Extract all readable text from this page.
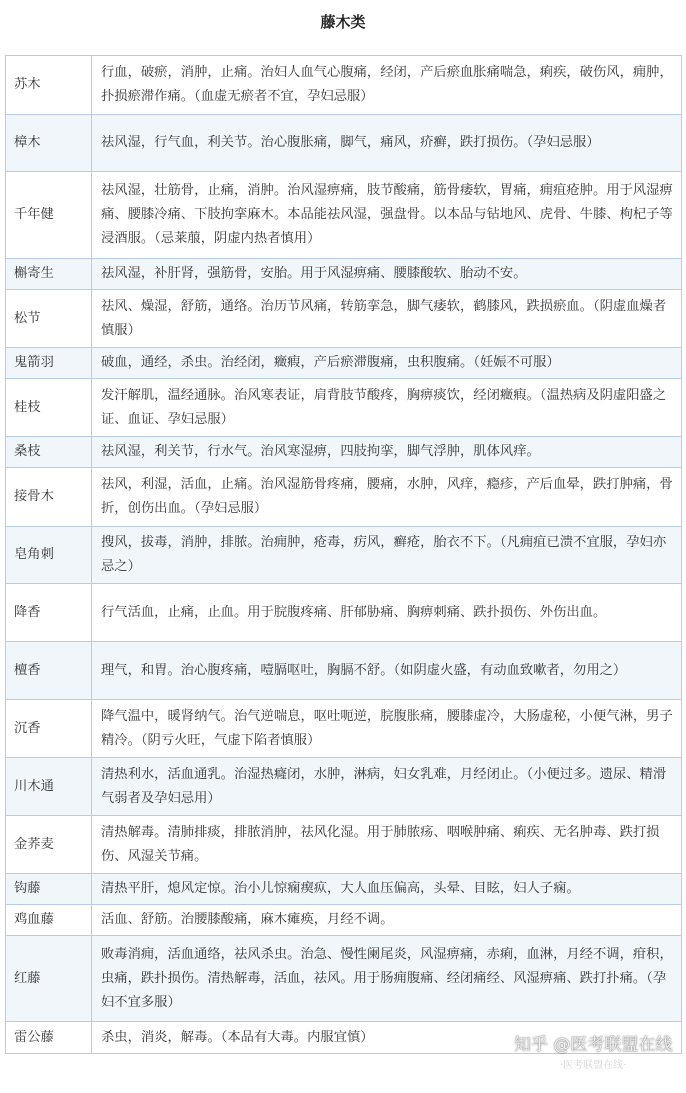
藤木类
苏木	行血，破瘀，消肿，止痛。治妇人血气心腹痛，经闭，产后瘀血胀痛喘急，痢疾，破伤风，痈肿，扑损瘀滞作痛。（血虚无瘀者不宜，孕妇忌服）
樟木	祛风湿，行气血，利关节。治心腹胀痛，脚气，痛风，疥癣，跌打损伤。（孕妇忌服）
千年健	祛风湿，壮筋骨，止痛，消肿。治风湿痹痛，肢节酸痛，筋骨痿软，胃痛，痈疽疮肿。用于风湿痹痛、腰膝冷痛、下肢拘挛麻木。本品能祛风湿，强盘骨。以本品与钻地风、虎骨、牛膝、枸杞子等浸酒服。（忌莱菔，阴虚内热者慎用）
槲寄生	祛风湿，补肝肾，强筋骨，安胎。用于风湿痹痛、腰膝酸软、胎动不安。
松节	祛风、燥湿，舒筋，通络。治历节风痛，转筋挛急，脚气痿软，鹤膝风，跌损瘀血。（阴虚血燥者慎服）
鬼箭羽	破血，通经，杀虫。治经闭，癥瘕，产后瘀滞腹痛，虫积腹痛。（妊娠不可服）
桂枝	发汗解肌，温经通脉。治风寒表证，肩背肢节酸疼，胸痹痰饮，经闭癥瘕。（温热病及阴虚阳盛之证、血证、孕妇忌服）
桑枝	祛风湿，利关节，行水气。治风寒湿痹，四肢拘挛，脚气浮肿，肌体风痒。
接骨木	祛风，利湿，活血，止痛。治风湿筋骨疼痛，腰痛，水肿，风痒，瘾疹，产后血晕，跌打肿痛，骨折，创伤出血。（孕妇忌服）
皂角刺	搜风，拔毒，消肿，排脓。治痈肿，疮毒，疠风，癣疮，胎衣不下。（凡痈疽已溃不宜服，孕妇亦忌之）
降香	行气活血，止痛，止血。用于脘腹疼痛、肝郁胁痛、胸痹刺痛、跌扑损伤、外伤出血。
檀香	理气，和胃。治心腹疼痛，噎膈呕吐，胸膈不舒。（如阴虚火盛，有动血致嗽者，勿用之）
沉香	降气温中，暖肾纳气。治气逆喘息，呕吐呃逆，脘腹胀痛，腰膝虚冷，大肠虚秘，小便气淋，男子精冷。（阴亏火旺，气虚下陷者慎服）
川木通	清热利水，活血通乳。治湿热癃闭，水肿，淋病，妇女乳难，月经闭止。（小便过多。遗尿、精滑气弱者及孕妇忌用）
金荞麦	清热解毒。清肺排痰，排脓消肿，祛风化湿。用于肺脓疡、咽喉肿痛、痢疾、无名肿毒、跌打损伤、风湿关节痛。
钩藤	清热平肝，熄风定惊。治小儿惊痫瘈疭，大人血压偏高，头晕、目眩，妇人子痫。
鸡血藤	活血、舒筋。治腰膝酸痛，麻木瘫痪，月经不调。
红藤	败毒消痈，活血通络，祛风杀虫。治急、慢性阑尾炎，风湿痹痛，赤痢，血淋，月经不调，疳积，虫痛，跌扑损伤。清热解毒，活血，祛风。用于肠痈腹痛、经闭痛经、风湿痹痛、跌打扑痛。（孕妇不宜多服）
雷公藤	杀虫，消炎，解毒。（本品有大毒。内服宜慎）	知乎 @医考联盟在线
·医考联盟在线·
